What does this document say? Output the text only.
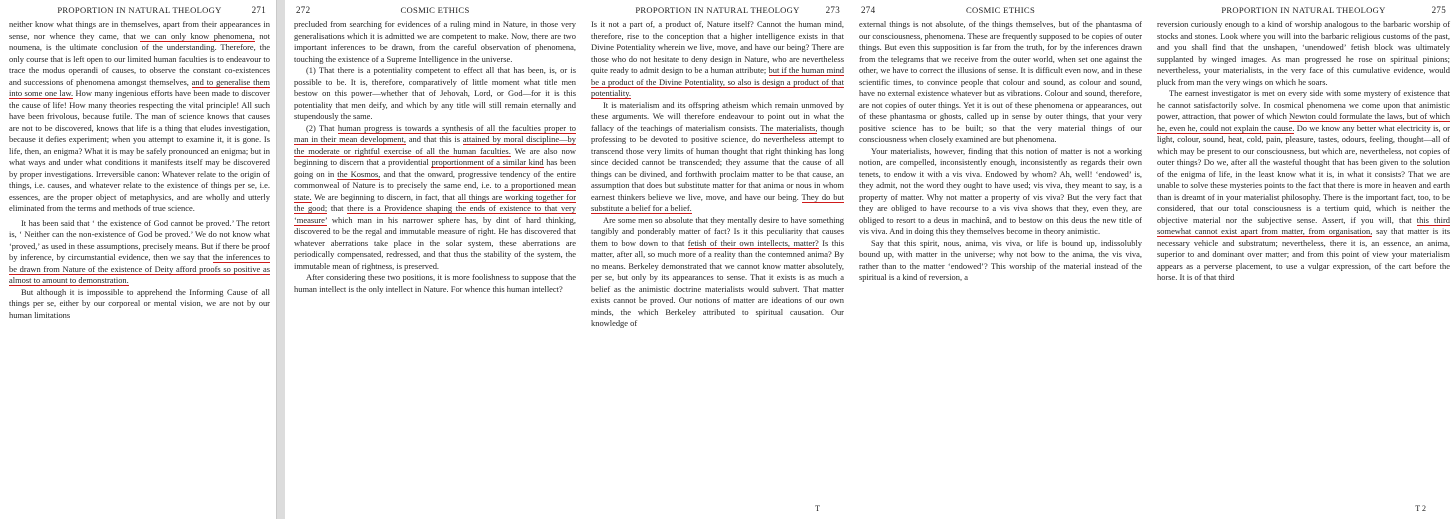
PROPORTION IN NATURAL THEOLOGY	271

neither know what things are in themselves, apart from their appearances in sense, nor whence they came, that we can only know phenomena, not noumena, is the ultimate conclusion of the understanding. Therefore, the only course that is left open to our limited human faculties is to endeavour to trace the modus operandi of causes, to observe the constant co-existences and successions of phenomena amongst themselves, and to generalise them into some one law. How many ingenious efforts have been made to discover the cause of life! How many theories respecting the vital principle! All such have been frivolous, because futile. The man of science knows that causes are not to be discovered, knows that life is a thing that eludes investigation, because it defies experiment; when you attempt to examine it, it is gone. Is life, then, an enigma? What it is may be safely pronounced an enigma; but in what ways and under what conditions it manifests itself may be discovered by proper investigations. Irreversible canon: Whatever relate to the origin of things, i.e. causes, and whatever relate to the existence of things per se, i.e. essences, are the proper object of metaphysics, and are wholly and utterly eliminated from the terms and methods of true science.

It has been said that ‘ the existence of God cannot be proved.’ The retort is, ‘ Neither can the non-existence of God be proved.’ We do not know what ‘proved,’ as used in these assumptions, precisely means. But if there be proof by inference, by circumstantial evidence, then we say that the inferences to be drawn from Nature of the existence of Deity afford proofs so positive as almost to amount to demonstration.

But although it is impossible to apprehend the Informing Cause of all things per se, either by our corporeal or mental vision, we are not by our human limitations

272	COSMIC ETHICS

precluded from searching for evidences of a ruling mind in Nature, in those very generalisations which it is admitted we are competent to make. Now, there are two important inferences to be drawn, from the careful observation of phenomena, touching the existence of a Supreme Intelligence in the universe.

(1) That there is a potentiality competent to effect all that has been, is, or is possible to be. It is, therefore, comparatively of little moment what title men bestow on this power—whether that of Jehovah, Lord, or God—for it is this potentiality that men deify, and which by any title will still remain eternally and stupendously the same.

(2) That human progress is towards a synthesis of all the faculties proper to man in their mean development, and that this is attained by moral discipline—by the moderate or rightful exercise of all the human faculties. We are also now beginning to discern that a providential proportionment of a similar kind has been going on in the Kosmos, and that the onward, progressive tendency of the entire commonweal of Nature is to precisely the same end, i.e. to a proportioned mean state. We are beginning to discern, in fact, that all things are working together for the good; that there is a Providence shaping the ends of existence to that very ‘measure’ which man in his narrower sphere has, by dint of hard thinking, discovered to be the regal and immutable measure of right. He has discovered that whatever aberrations take place in the solar system, these aberrations are periodically compensated, redressed, and that thus the stability of the system, the immutable mean of rightness, is preserved.

After considering these two positions, it is more foolishness to suppose that the human intellect is the only intellect in Nature. For whence this human intellect?

PROPORTION IN NATURAL THEOLOGY	273

Is it not a part of, a product of, Nature itself? Cannot the human mind, therefore, rise to the conception that a higher intelligence exists in that Divine Potentiality wherein we live, move, and have our being? There are those who do not hesitate to deny design in Nature, who are nevertheless quite ready to admit design to be a human attribute; but if the human mind be a product of the Divine Potentiality, so also is design a product of that potentiality.

It is materialism and its offspring atheism which remain unmoved by these arguments. We will therefore endeavour to point out in what the fallacy of the teachings of materialism consists. The materialists, though professing to be devoted to positive science, do nevertheless attempt to transcend those very limits of human thought that right thinking has long since decided cannot be transcended; they assume that the cause of all things can be divined, and forthwith proclaim matter to be that cause, an assumption that does but substitute matter for that anima or nous in whom earnest thinkers believe we live, move, and have our being. They do but substitute a belief for a belief.

Are some men so absolute that they mentally desire to have something tangibly and ponderably matter of fact? Is it this peculiarity that causes them to bow down to that fetish of their own intellects, matter? Is this matter, after all, so much more of a reality than the contemned anima? By no means. Berkeley demonstrated that we cannot know matter absolutely, per se, but only by its appearances to sense. That it exists is as much a belief as the animistic doctrine materialists would subvert. That matter exists cannot be proved. Our notions of matter are ideations of our own minds, the which Berkeley attributed to spiritual causation. Our knowledge of

T
274	COSMIC ETHICS

external things is not absolute, of the things themselves, but of the phantasma of our consciousness, phenomena. These are frequently supposed to be copies of outer things. But even this supposition is far from the truth, for by the inferences drawn from the telegrams that we receive from the outer world, when set one against the other, we have to correct the illusions of sense. It is difficult even now, and in these scientific times, to convince people that colour and sound, as colour and sound, have no external existence whatever but as vibrations. Colour and sound, therefore, are not copies of outer things. Yet it is out of these phenomena or appearances, out of these phantasma or ghosts, called up in sense by outer things, that your very positive science has to be built; so that the very material things of our consciousness when closely examined are but phenomena.

Your materialists, however, finding that this notion of matter is not a working notion, are compelled, inconsistently enough, inconsistently as regards their own tenets, to endow it with a vis viva. Endowed by whom? Ah, well! ‘endowed’ is, they admit, not the word they ought to have used; vis viva, they meant to say, is a property of matter. Why not matter a property of vis viva? But the very fact that they are obliged to have recourse to a vis viva shows that they, even they, are obliged to resort to a deus in machinâ, and to bestow on this deus the new title of vis viva. And in doing this they themselves become in theory animistic.

Say that this spirit, nous, anima, vis viva, or life is bound up, indissolubly bound up, with matter in the universe; why not bow to the anima, the vis viva, rather than to the matter ‘endowed’? This worship of the material instead of the spiritual is a kind of reversion, a

PROPORTION IN NATURAL THEOLOGY	275

reversion curiously enough to a kind of worship analogous to the barbaric worship of stocks and stones. Look where you will into the barbaric religious customs of the past, and you shall find that the unshapen, ‘unendowed’ fetish block was ultimately supplanted by winged images. As man progressed he rose on spiritual pinions; nevertheless, your materialists, in the very face of this cumulative evidence, would pluck from man the very wings on which he soars.

The earnest investigator is met on every side with some mystery of existence that he cannot satisfactorily solve. In cosmical phenomena we come upon that animistic power, attraction, that power of which Newton could formulate the laws, but of which he, even he, could not explain the cause. Do we know any better what electricity is, or light, colour, sound, heat, cold, pain, pleasure, tastes, odours, feeling, thought—all of which may be present to our consciousness, but which are, nevertheless, not copies of outer things? Do we, after all the wasteful thought that has been given to the solution of the enigma of life, in the least know what it is, in what it consists? That we are unable to solve these mysteries points to the fact that there is more in heaven and earth than is dreamt of in your materialist philosophy. There is the important fact, too, to be considered, that our total consciousness is a tertium quid, which is neither the objective material nor the subjective sense. Assert, if you will, that this third somewhat cannot exist apart from matter, from organisation, say that matter is its necessary vehicle and substratum; nevertheless, there it is, an essence, an anima, superior to and dominant over matter; and from this point of view your materialism appears as a perverse placement, to use a vulgar expression, of the cart before the horse. It is of that third

T 2
